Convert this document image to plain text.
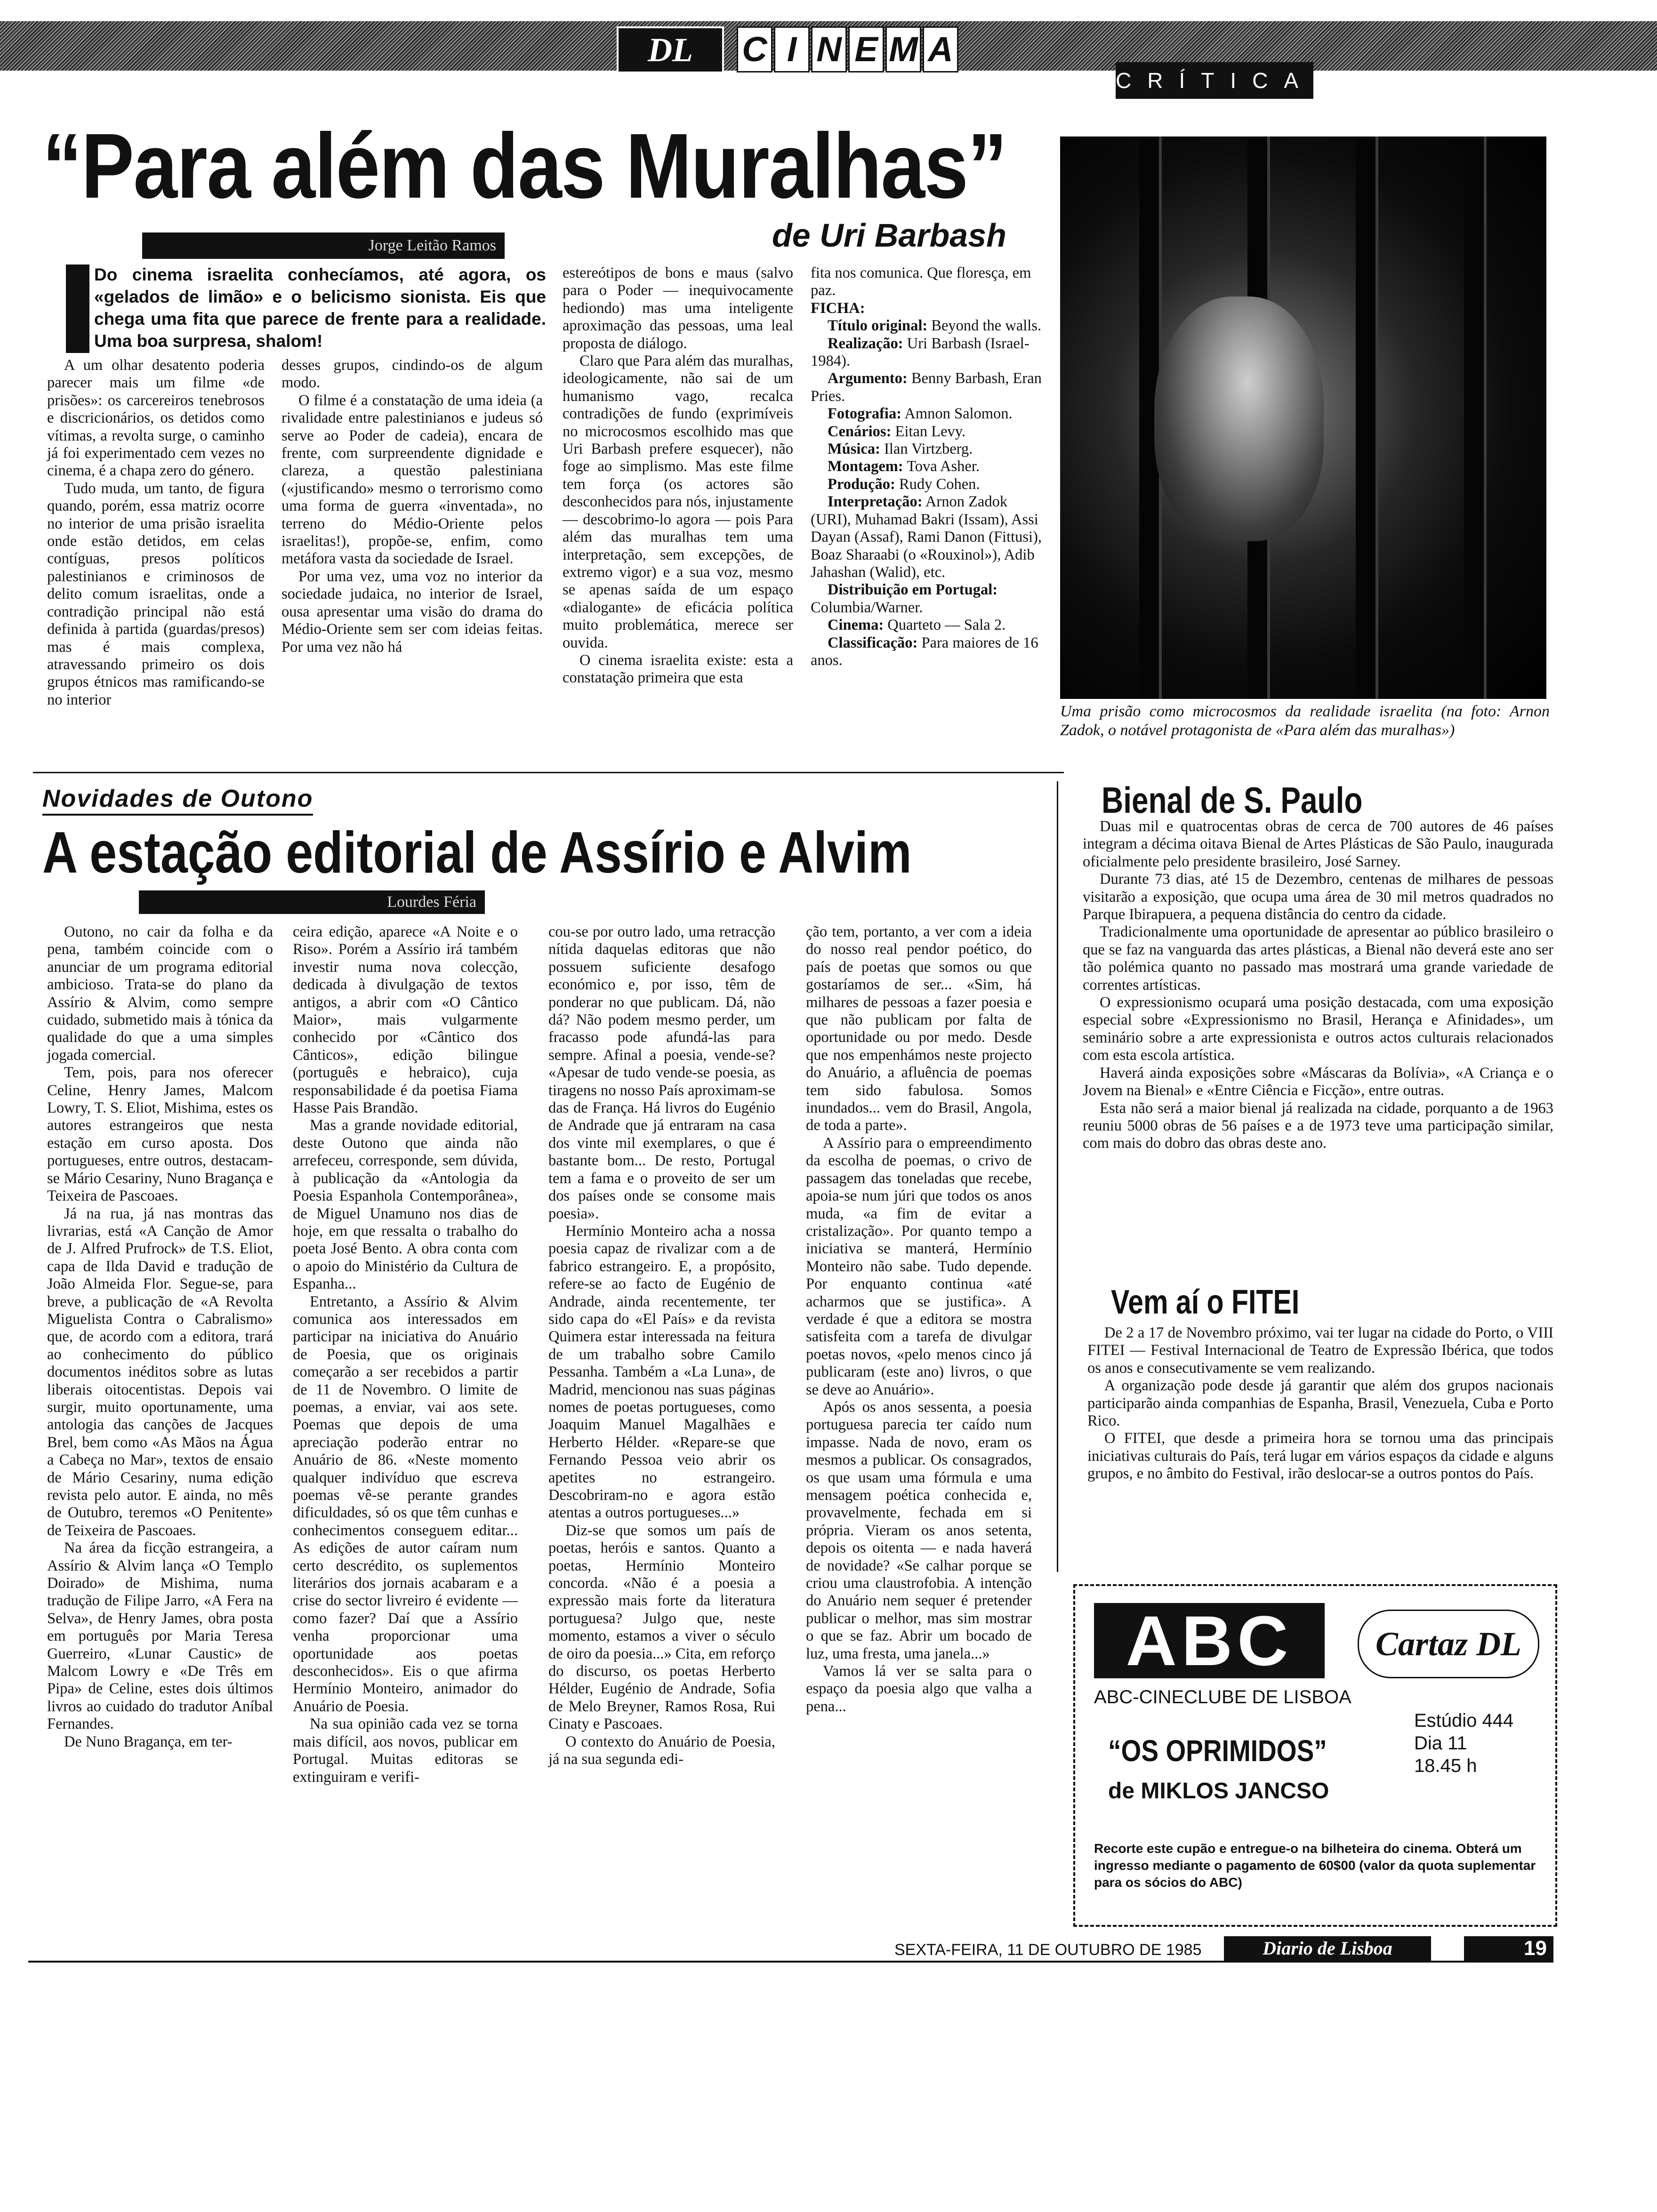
DL	C I N E M A
CRÍTICA
“Para além das Muralhas”
Jorge Leitão Ramos	de Uri Barbash
Do cinema israelita conhecíamos, até agora, os «gelados de limão» e o belicismo sionista. Eis que chega uma fita que parece de frente para a realidade. Uma boa surpresa, shalom!

A um olhar desatento poderia parecer mais um filme «de prisões»: os carcereiros tenebrosos e discricionários, os detidos como vítimas, a revolta surge, o caminho já foi experimentado cem vezes no cinema, é a chapa zero do género.

Tudo muda, um tanto, de figura quando, porém, essa matriz ocorre no interior de uma prisão israelita onde estão detidos, em celas contíguas, presos políticos palestinianos e criminosos de delito comum israelitas, onde a contradição principal não está definida à partida (guardas/presos) mas é mais complexa, atravessando primeiro os dois grupos étnicos mas ramificando-se no interior

desses grupos, cindindo-os de algum modo.

O filme é a constatação de uma ideia (a rivalidade entre palestinianos e judeus só serve ao Poder de cadeia), encara de frente, com surpreendente dignidade e clareza, a questão palestiniana («justificando» mesmo o terrorismo como uma forma de guerra «inventada», no terreno do Médio-Oriente pelos israelitas!), propõe-se, enfim, como metáfora vasta da sociedade de Israel.

Por uma vez, uma voz no interior da sociedade judaica, no interior de Israel, ousa apresentar uma visão do drama do Médio-Oriente sem ser com ideias feitas. Por uma vez não há

estereótipos de bons e maus (salvo para o Poder — inequivocamente hediondo) mas uma inteligente aproximação das pessoas, uma leal proposta de diálogo.

Claro que Para além das muralhas, ideologicamente, não sai de um humanismo vago, recalca contradições de fundo (exprimíveis no microcosmos escolhido mas que Uri Barbash prefere esquecer), não foge ao simplismo. Mas este filme tem força (os actores são desconhecidos para nós, injustamente — descobrimo-lo agora — pois Para além das muralhas tem uma interpretação, sem excepções, de extremo vigor) e a sua voz, mesmo se apenas saída de um espaço «dialogante» de eficácia política muito problemática, merece ser ouvida.

O cinema israelita existe: esta a constatação primeira que esta

fita nos comunica. Que floresça, em paz.

FICHA:

Título original: Beyond the walls.

Realização: Uri Barbash (Israel-1984).

Argumento: Benny Barbash, Eran Pries.

Fotografia: Amnon Salomon.

Cenários: Eitan Levy.

Música: Ilan Virtzberg.

Montagem: Tova Asher.

Produção: Rudy Cohen.

Interpretação: Arnon Zadok (URI), Muhamad Bakri (Issam), Assi Dayan (Assaf), Rami Danon (Fittusi), Boaz Sharaabi (o «Rouxinol»), Adib Jahashan (Walid), etc.

Distribuição em Portugal: Columbia/Warner.

Cinema: Quarteto — Sala 2.

Classificação: Para maiores de 16 anos.

Uma prisão como microcosmos da realidade israelita (na foto: Arnon Zadok, o notável protagonista de «Para além das muralhas»)
Novidades de Outono
A estação editorial de Assírio e Alvim
Lourdes Féria

Outono, no cair da folha e da pena, também coincide com o anunciar de um programa editorial ambicioso. Trata-se do plano da Assírio & Alvim, como sempre cuidado, submetido mais à tónica da qualidade do que a uma simples jogada comercial.

Tem, pois, para nos oferecer Celine, Henry James, Malcom Lowry, T. S. Eliot, Mishima, estes os autores estrangeiros que nesta estação em curso aposta. Dos portugueses, entre outros, destacam-se Mário Cesariny, Nuno Bragança e Teixeira de Pascoaes.

Já na rua, já nas montras das livrarias, está «A Canção de Amor de J. Alfred Prufrock» de T.S. Eliot, capa de Ilda David e tradução de João Almeida Flor. Segue-se, para breve, a publicação de «A Revolta Miguelista Contra o Cabralismo» que, de acordo com a editora, trará ao conhecimento do público documentos inéditos sobre as lutas liberais oitocentistas. Depois vai surgir, muito oportunamente, uma antologia das canções de Jacques Brel, bem como «As Mãos na Água a Cabeça no Mar», textos de ensaio de Mário Cesariny, numa edição revista pelo autor. E ainda, no mês de Outubro, teremos «O Penitente» de Teixeira de Pascoaes.

Na área da ficção estrangeira, a Assírio & Alvim lança «O Templo Doirado» de Mishima, numa tradução de Filipe Jarro, «A Fera na Selva», de Henry James, obra posta em português por Maria Teresa Guerreiro, «Lunar Caustic» de Malcom Lowry e «De Três em Pipa» de Celine, estes dois últimos livros ao cuidado do tradutor Aníbal Fernandes.

De Nuno Bragança, em ter-

ceira edição, aparece «A Noite e o Riso». Porém a Assírio irá também investir numa nova colecção, dedicada à divulgação de textos antigos, a abrir com «O Cântico Maior», mais vulgarmente conhecido por «Cântico dos Cânticos», edição bilingue (português e hebraico), cuja responsabilidade é da poetisa Fiama Hasse Pais Brandão.

Mas a grande novidade editorial, deste Outono que ainda não arrefeceu, corresponde, sem dúvida, à publicação da «Antologia da Poesia Espanhola Contemporânea», de Miguel Unamuno nos dias de hoje, em que ressalta o trabalho do poeta José Bento. A obra conta com o apoio do Ministério da Cultura de Espanha...

Entretanto, a Assírio & Alvim comunica aos interessados em participar na iniciativa do Anuário de Poesia, que os originais começarão a ser recebidos a partir de 11 de Novembro. O limite de poemas, a enviar, vai aos sete. Poemas que depois de uma apreciação poderão entrar no Anuário de 86. «Neste momento qualquer indivíduo que escreva poemas vê-se perante grandes dificuldades, só os que têm cunhas e conhecimentos conseguem editar... As edições de autor caíram num certo descrédito, os suplementos literários dos jornais acabaram e a crise do sector livreiro é evidente — como fazer? Daí que a Assírio venha proporcionar uma oportunidade aos poetas desconhecidos». Eis o que afirma Hermínio Monteiro, animador do Anuário de Poesia.

Na sua opinião cada vez se torna mais difícil, aos novos, publicar em Portugal. Muitas editoras se extinguiram e verifi-

cou-se por outro lado, uma retracção nítida daquelas editoras que não possuem suficiente desafogo económico e, por isso, têm de ponderar no que publicam. Dá, não dá? Não podem mesmo perder, um fracasso pode afundá-las para sempre. Afinal a poesia, vende-se? «Apesar de tudo vende-se poesia, as tiragens no nosso País aproximam-se das de França. Há livros do Eugénio de Andrade que já entraram na casa dos vinte mil exemplares, o que é bastante bom... De resto, Portugal tem a fama e o proveito de ser um dos países onde se consome mais poesia».

Hermínio Monteiro acha a nossa poesia capaz de rivalizar com a de fabrico estrangeiro. E, a propósito, refere-se ao facto de Eugénio de Andrade, ainda recentemente, ter sido capa do «El País» e da revista Quimera estar interessada na feitura de um trabalho sobre Camilo Pessanha. Também a «La Luna», de Madrid, mencionou nas suas páginas nomes de poetas portugueses, como Joaquim Manuel Magalhães e Herberto Hélder. «Repare-se que Fernando Pessoa veio abrir os apetites no estrangeiro. Descobriram-no e agora estão atentas a outros portugueses...»

Diz-se que somos um país de poetas, heróis e santos. Quanto a poetas, Hermínio Monteiro concorda. «Não é a poesia a expressão mais forte da literatura portuguesa? Julgo que, neste momento, estamos a viver o século de oiro da poesia...» Cita, em reforço do discurso, os poetas Herberto Hélder, Eugénio de Andrade, Sofia de Melo Breyner, Ramos Rosa, Rui Cinaty e Pascoaes.

O contexto do Anuário de Poesia, já na sua segunda edi-

ção tem, portanto, a ver com a ideia do nosso real pendor poético, do país de poetas que somos ou que gostaríamos de ser... «Sim, há milhares de pessoas a fazer poesia e que não publicam por falta de oportunidade ou por medo. Desde que nos empenhámos neste projecto do Anuário, a afluência de poemas tem sido fabulosa. Somos inundados... vem do Brasil, Angola, de toda a parte».

A Assírio para o empreendimento da escolha de poemas, o crivo de passagem das toneladas que recebe, apoia-se num júri que todos os anos muda, «a fim de evitar a cristalização». Por quanto tempo a iniciativa se manterá, Hermínio Monteiro não sabe. Tudo depende. Por enquanto continua «até acharmos que se justifica». A verdade é que a editora se mostra satisfeita com a tarefa de divulgar poetas novos, «pelo menos cinco já publicaram (este ano) livros, o que se deve ao Anuário».

Após os anos sessenta, a poesia portuguesa parecia ter caído num impasse. Nada de novo, eram os mesmos a publicar. Os consagrados, os que usam uma fórmula e uma mensagem poética conhecida e, provavelmente, fechada em si própria. Vieram os anos setenta, depois os oitenta — e nada haverá de novidade? «Se calhar porque se criou uma claustrofobia. A intenção do Anuário nem sequer é pretender publicar o melhor, mas sim mostrar o que se faz. Abrir um bocado de luz, uma fresta, uma janela...»

Vamos lá ver se salta para o espaço da poesia algo que valha a pena...

Bienal de S. Paulo

Duas mil e quatrocentas obras de cerca de 700 autores de 46 países integram a décima oitava Bienal de Artes Plásticas de São Paulo, inaugurada oficialmente pelo presidente brasileiro, José Sarney.

Durante 73 dias, até 15 de Dezembro, centenas de milhares de pessoas visitarão a exposição, que ocupa uma área de 30 mil metros quadrados no Parque Ibirapuera, a pequena distância do centro da cidade.

Tradicionalmente uma oportunidade de apresentar ao público brasileiro o que se faz na vanguarda das artes plásticas, a Bienal não deverá este ano ser tão polémica quanto no passado mas mostrará uma grande variedade de correntes artísticas.

O expressionismo ocupará uma posição destacada, com uma exposição especial sobre «Expressionismo no Brasil, Herança e Afinidades», um seminário sobre a arte expressionista e outros actos culturais relacionados com esta escola artística.

Haverá ainda exposições sobre «Máscaras da Bolívia», «A Criança e o Jovem na Bienal» e «Entre Ciência e Ficção», entre outras.

Esta não será a maior bienal já realizada na cidade, porquanto a de 1963 reuniu 5000 obras de 56 países e a de 1973 teve uma participação similar, com mais do dobro das obras deste ano.

Vem aí o FITEI

De 2 a 17 de Novembro próximo, vai ter lugar na cidade do Porto, o VIII FITEI — Festival Internacional de Teatro de Expressão Ibérica, que todos os anos e consecutivamente se vem realizando.

A organização pode desde já garantir que além dos grupos nacionais participarão ainda companhias de Espanha, Brasil, Venezuela, Cuba e Porto Rico.

O FITEI, que desde a primeira hora se tornou uma das principais iniciativas culturais do País, terá lugar em vários espaços da cidade e alguns grupos, e no âmbito do Festival, irão deslocar-se a outros pontos do País.

ABC	Cartaz DL
ABC-CINECLUBE DE LISBOA
Estúdio 444
Dia 11
18.45 h
“OS OPRIMIDOS”
de MIKLOS JANCSO
Recorte este cupão e entregue-o na bilheteira do cinema. Obterá um ingresso mediante o pagamento de 60$00 (valor da quota suplementar para os sócios do ABC)
SEXTA-FEIRA, 11 DE OUTUBRO DE 1985	Diario de Lisboa	19
